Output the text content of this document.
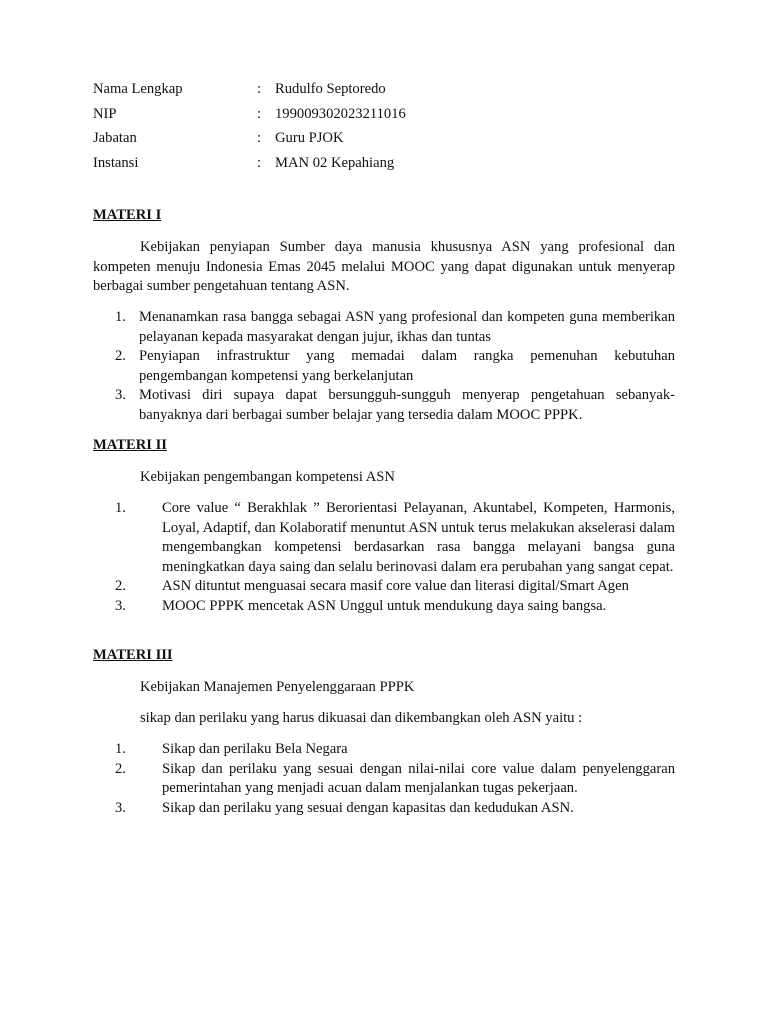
Nama Lengkap	: Rudulfo Septoredo
NIP	: 199009302023211016
Jabatan	: Guru PJOK
Instansi	: MAN 02 Kepahiang
MATERI I

Kebijakan penyiapan Sumber daya manusia khususnya ASN yang profesional dan kompeten menuju Indonesia Emas 2045 melalui MOOC yang dapat digunakan untuk menyerap berbagai sumber pengetahuan tentang ASN.

1. Menanamkan rasa bangga sebagai ASN yang profesional dan kompeten guna memberikan pelayanan kepada masyarakat dengan jujur, ikhas dan tuntas
2. Penyiapan infrastruktur yang memadai dalam rangka pemenuhan kebutuhan pengembangan kompetensi yang berkelanjutan
3. Motivasi diri supaya dapat bersungguh-sungguh menyerap pengetahuan sebanyak-banyaknya dari berbagai sumber belajar yang tersedia dalam MOOC PPPK.
MATERI II

Kebijakan pengembangan kompetensi ASN

1. Core value “ Berakhlak ” Berorientasi Pelayanan, Akuntabel, Kompeten, Harmonis, Loyal, Adaptif, dan Kolaboratif menuntut ASN untuk terus melakukan akselerasi dalam mengembangkan kompetensi berdasarkan rasa bangga melayani bangsa guna meningkatkan daya saing dan selalu berinovasi dalam era perubahan yang sangat cepat.
2. ASN dituntut menguasai secara masif core value dan literasi digital/Smart Agen
3. MOOC PPPK mencetak ASN Unggul untuk mendukung daya saing bangsa.
MATERI III

Kebijakan Manajemen Penyelenggaraan PPPK

sikap dan perilaku yang harus dikuasai dan dikembangkan oleh ASN yaitu :

1. Sikap dan perilaku Bela Negara
2. Sikap dan perilaku yang sesuai dengan nilai-nilai core value dalam penyelenggaran pemerintahan yang menjadi acuan dalam menjalankan tugas pekerjaan.
3. Sikap dan perilaku yang sesuai dengan kapasitas dan kedudukan ASN.
